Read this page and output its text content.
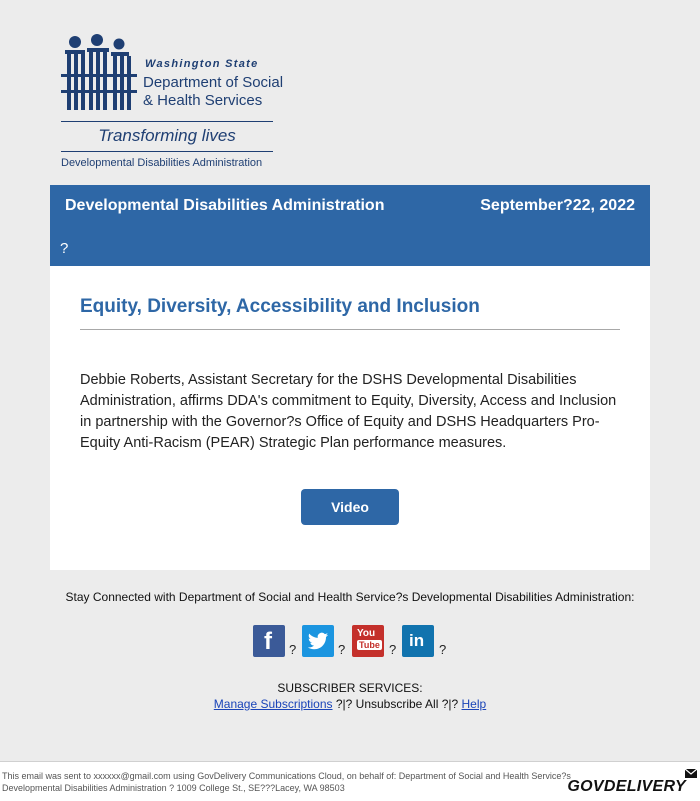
Washington State
Department of Social
& Health Services
Transforming lives
Developmental Disabilities Administration
Developmental Disabilities Administration	September?22, 2022
?
Equity, Diversity, Accessibility and Inclusion
Debbie Roberts, Assistant Secretary for the DSHS Developmental Disabilities Administration, affirms DDA's commitment to Equity, Diversity, Access and Inclusion in partnership with the Governor?s Office of Equity and DSHS Headquarters Pro-Equity Anti-Racism (PEAR) Strategic Plan performance measures.
Video
Stay Connected with Department of Social and Health Service?s Developmental Disabilities Administration:
f ?	?
You
Tube ? in ?
SUBSCRIBER SERVICES:
Manage Subscriptions ?|? Unsubscribe All ?|? Help
This email was sent to xxxxxx@gmail.com using GovDelivery Communications Cloud, on behalf of: Department of Social and Health Service?s Developmental Disabilities Administration ? 1009 College St., SE???Lacey, WA 98503	GOVDELIVERY
